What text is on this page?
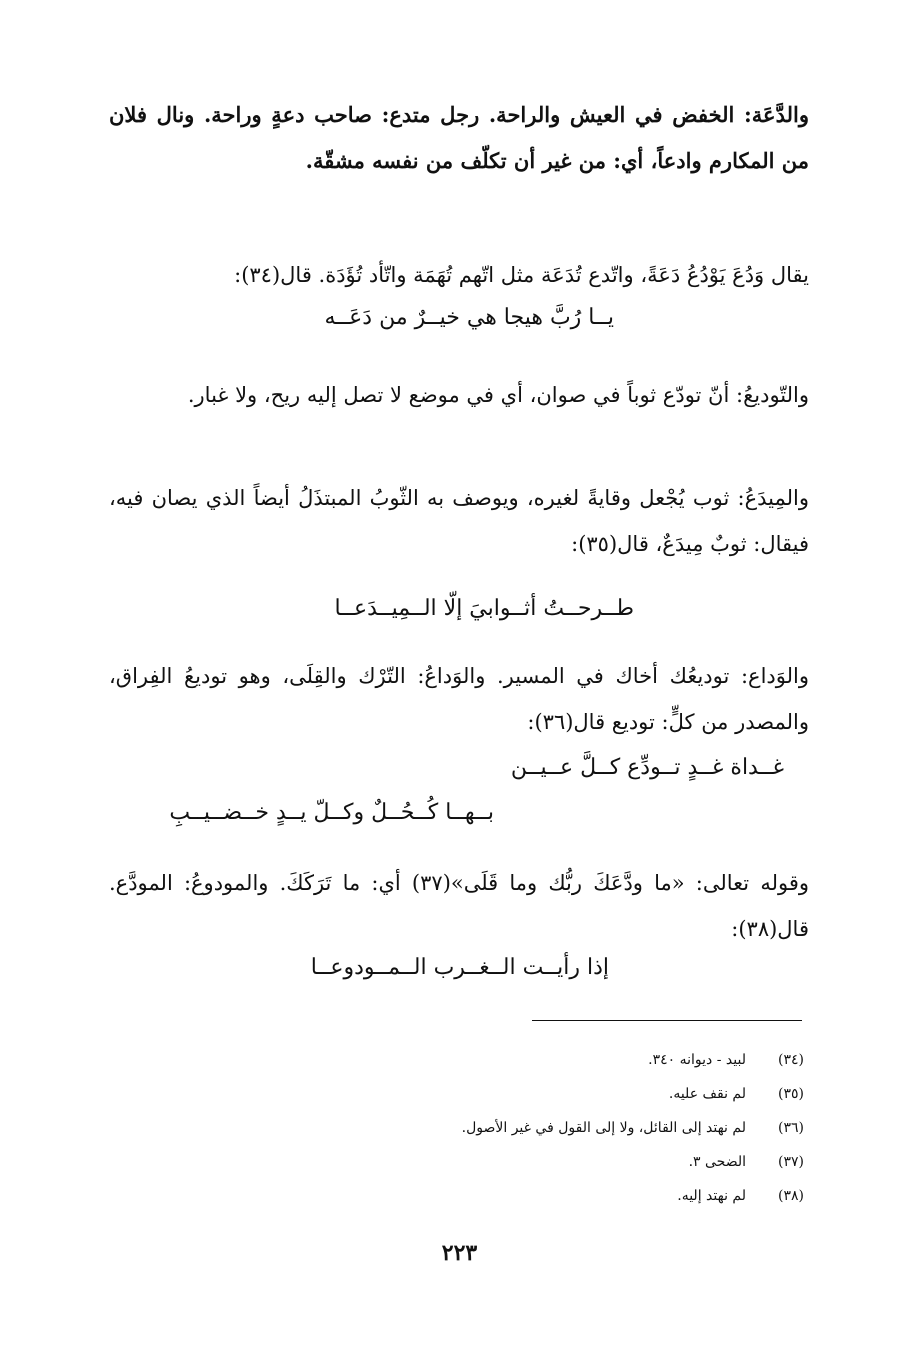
والدَّعَة: الخفض في العيش والراحة. رجل متدع: صاحب دعةٍ وراحة. ونال فلان من المكارم وادعاً، أي: من غير أن تكلّف من نفسه مشقّة.
يقال وَدُعَ يَوْدُعُ دَعَةً، واتّدع تُدَعَة مثل اتّهم تُهَمَة واتّأد تُؤَدَة. قال(٣٤):
يــا رُبَّ هيجا هي خيــرٌ من دَعَــه
والتّوديعُ: أنّ تودّع ثوباً في صوان، أي في موضع لا تصل إليه ريح، ولا غبار.
والمِيدَعُ: ثوب يُجْعل وقايةً لغيره، ويوصف به الثّوبُ المبتذَلُ أيضاً الذي يصان فيه، فيقال: ثوبٌ مِيدَعٌ، قال(٣٥):
طــرحــتُ أثــوابيَ إلّا الــمِيــدَعــا
والوَداع: توديعُك أخاك في المسير. والوَداعُ: التّرْك والقِلَى، وهو توديعُ الفِراق، والمصدر من كلٍّ: توديع قال(٣٦):
غــداة غــدٍ تــودِّع كــلَّ عــيــن
بــهــا كُــحُــلٌ وكــلّ يــدٍ خــضــيــبِ
وقوله تعالى: «ما ودَّعَكَ ربُّك وما قَلَى»(٣٧) أي: ما تَرَكَكَ. والمودوعُ: المودَّع. قال(٣٨):
إذا رأيــت الــغــرب الــمــودوعــا
(٣٤)
لبيد - ديوانه ٣٤٠.
(٣٥)
لم نقف عليه.
(٣٦)
لم نهتد إلى القائل، ولا إلى القول في غير الأصول.
(٣٧)
الضحى ٣.
(٣٨)
لم نهتد إليه.
٢٢٣
